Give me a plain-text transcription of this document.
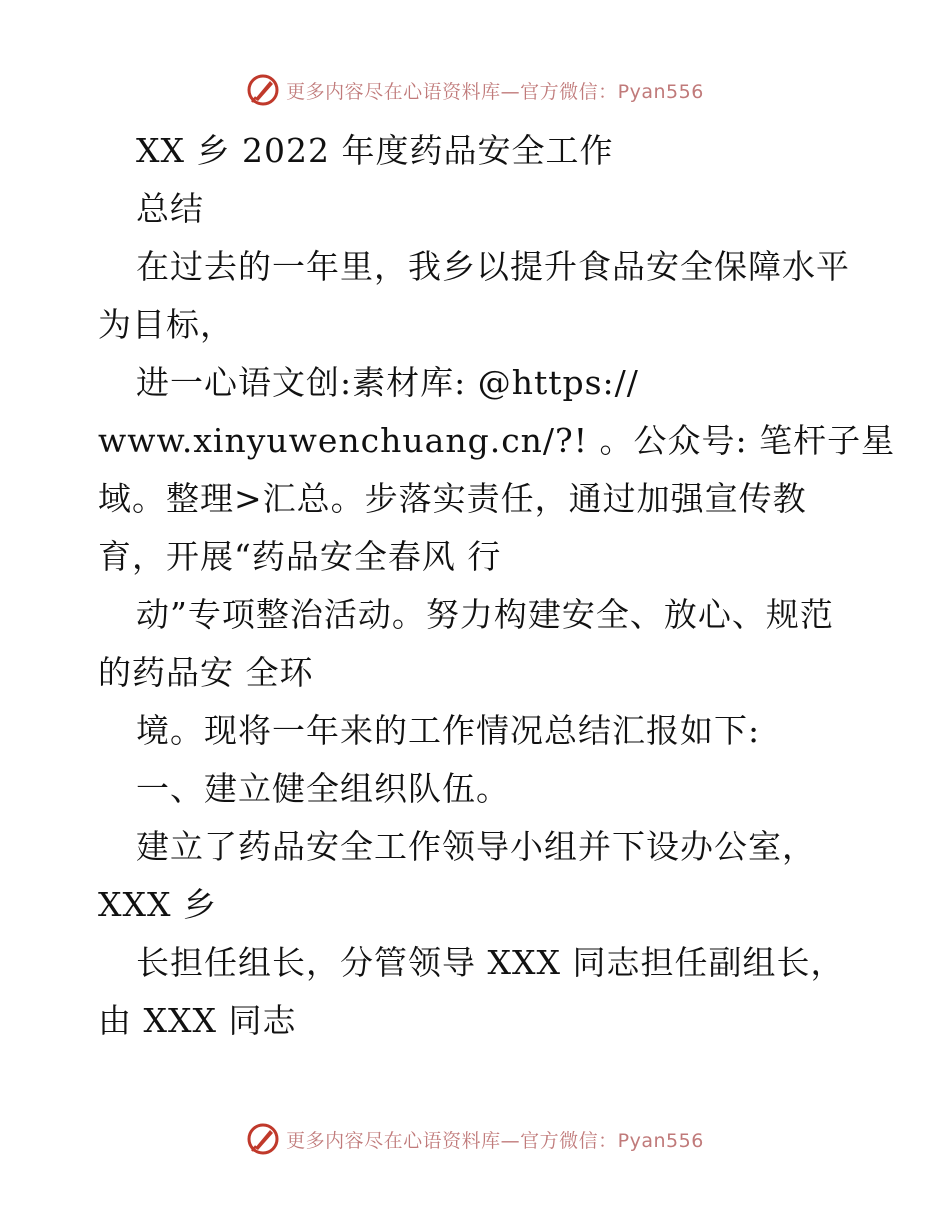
更多内容尽在心语资料库—官方微信：Pyan556
XX 乡 2022 年度药品安全工作
总结
在过去的一年里，我乡以提升食品安全保障水平
为目标，
进一心语文创:素材库: @https://
www.xinyuwenchuang.cn/?! 。公众号: 笔杆子星
域。整理>汇总。步落实责任，通过加强宣传教
育，开展“药品安全春风 行
动”专项整治活动。努力构建安全、放心、规范
的药品安 全环
境。现将一年来的工作情况总结汇报如下:
一、建立健全组织队伍。
建立了药品安全工作领导小组并下设办公室，
XXX 乡
长担任组长，分管领导 XXX 同志担任副组长，
由 XXX 同志
更多内容尽在心语资料库—官方微信：Pyan556
